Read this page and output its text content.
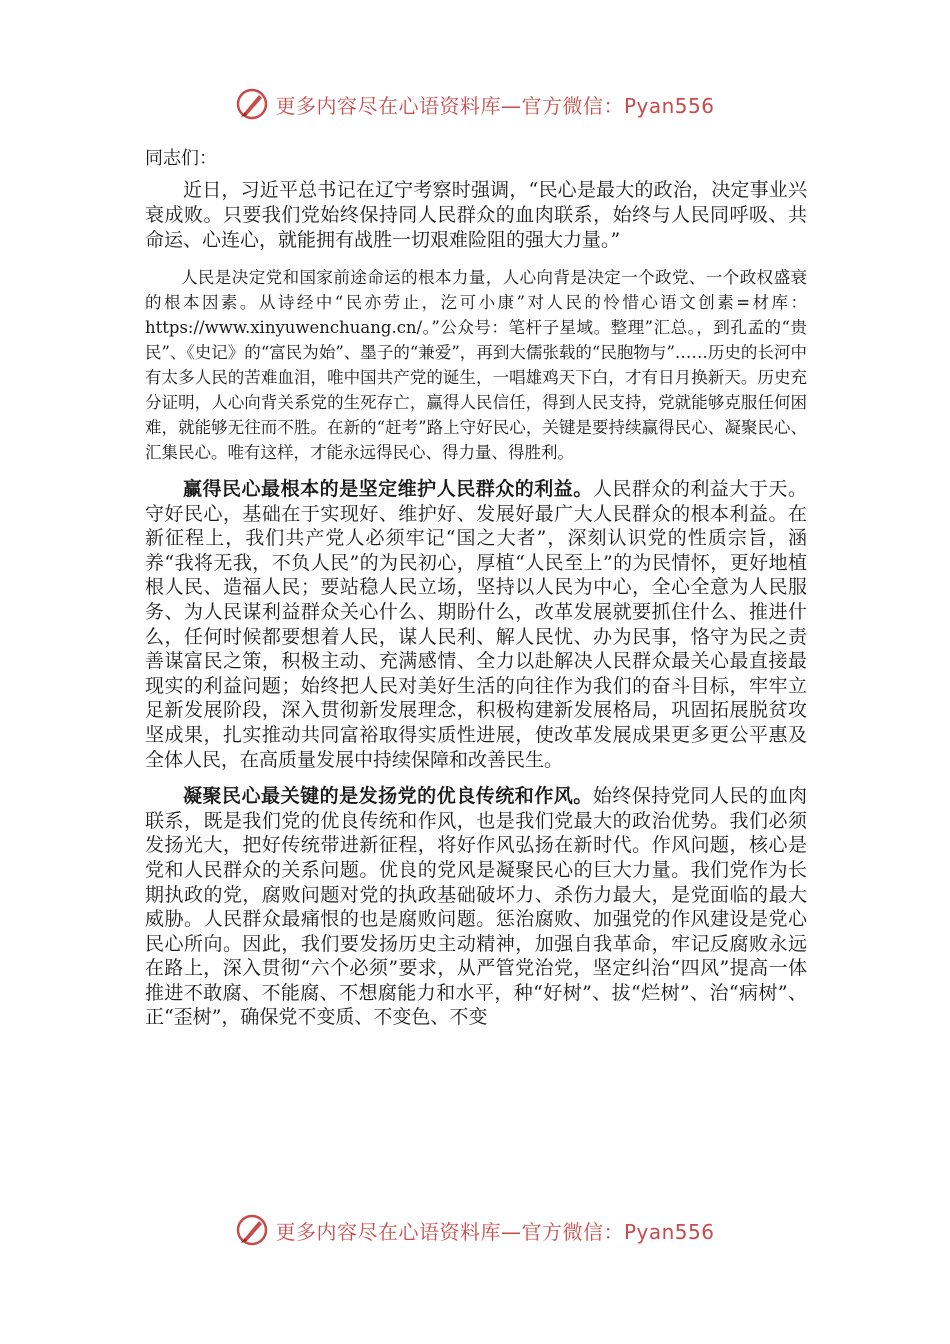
更多内容尽在心语资料库—官方微信：Pyan556

同志们：

近日，习近平总书记在辽宁考察时强调，“民心是最大的政治，决定事业兴衰成败。只要我们党始终保持同人民群众的血肉联系，始终与人民同呼吸、共命运、心连心，就能拥有战胜一切艰难险阻的强大力量。”

人民是决定党和国家前途命运的根本力量，人心向背是决定一个政党、一个政权盛衰的根本因素。从诗经中“民亦劳止，汔可小康”对人民的怜惜心语文创素=材库：https://www.xinyuwenchuang.cn/。”公众号：笔杆子星域。整理”汇总。，到孔孟的“贵民”、《史记》的“富民为始”、墨子的“兼爱”，再到大儒张载的“民胞物与”……历史的长河中有太多人民的苦难血泪，唯中国共产党的诞生，一唱雄鸡天下白，才有日月换新天。历史充分证明，人心向背关系党的生死存亡，赢得人民信任，得到人民支持，党就能够克服任何困难，就能够无往而不胜。在新的“赶考”路上守好民心，关键是要持续赢得民心、凝聚民心、汇集民心。唯有这样，才能永远得民心、得力量、得胜利。

赢得民心最根本的是坚定维护人民群众的利益。人民群众的利益大于天。守好民心，基础在于实现好、维护好、发展好最广大人民群众的根本利益。在新征程上，我们共产党人必须牢记“国之大者”，深刻认识党的性质宗旨，涵养“我将无我，不负人民”的为民初心，厚植“人民至上”的为民情怀，更好地植根人民、造福人民；要站稳人民立场，坚持以人民为中心，全心全意为人民服务、为人民谋利益群众关心什么、期盼什么，改革发展就要抓住什么、推进什么，任何时候都要想着人民，谋人民利、解人民忧、办为民事，恪守为民之责善谋富民之策，积极主动、充满感情、全力以赴解决人民群众最关心最直接最现实的利益问题；始终把人民对美好生活的向往作为我们的奋斗目标，牢牢立足新发展阶段，深入贯彻新发展理念，积极构建新发展格局，巩固拓展脱贫攻坚成果，扎实推动共同富裕取得实质性进展，使改革发展成果更多更公平惠及全体人民，在高质量发展中持续保障和改善民生。

凝聚民心最关键的是发扬党的优良传统和作风。始终保持党同人民的血肉联系，既是我们党的优良传统和作风，也是我们党最大的政治优势。我们必须发扬光大，把好传统带进新征程，将好作风弘扬在新时代。作风问题，核心是党和人民群众的关系问题。优良的党风是凝聚民心的巨大力量。我们党作为长期执政的党，腐败问题对党的执政基础破坏力、杀伤力最大，是党面临的最大威胁。人民群众最痛恨的也是腐败问题。惩治腐败、加强党的作风建设是党心民心所向。因此，我们要发扬历史主动精神，加强自我革命，牢记反腐败永远在路上，深入贯彻“六个必须”要求，从严管党治党，坚定纠治“四风”提高一体推进不敢腐、不能腐、不想腐能力和水平，种“好树”、拔“烂树”、治“病树”、正“歪树”，确保党不变质、不变色、不变

更多内容尽在心语资料库—官方微信：Pyan556
